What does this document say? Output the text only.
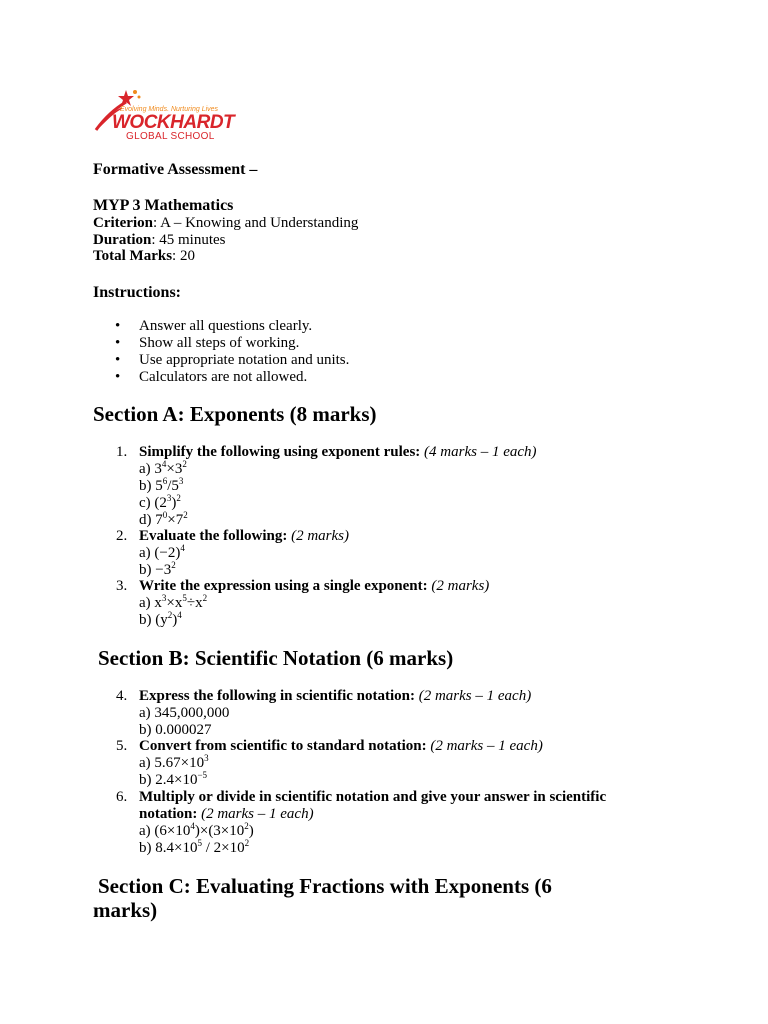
Evolving Minds. Nurturing Lives
WOCKHARDT
GLOBAL SCHOOL
Formative Assessment –
MYP 3 Mathematics
Criterion: A – Knowing and Understanding
Duration: 45 minutes
Total Marks: 20
Instructions:
• Answer all questions clearly.
• Show all steps of working.
• Use appropriate notation and units.
• Calculators are not allowed.
Section A: Exponents (8 marks)
1. Simplify the following using exponent rules: (4 marks – 1 each)
a) $3^4\times 3^2$
b) $5^6/5^3$
c) $(2^3)^2$
d) $7^0\times 7^2$
2. Evaluate the following: (2 marks)
a) $(-2)^4$
$b) -3^2$
3. Write the expression using a single exponent: (2 marks)
a) $x^3\times x^5\div x^2$
b) $(y^2)^4$
Section B: Scientific Notation (6 marks)
4. Express the following in scientific notation: (2 marks – 1 each)
a) 345,000,000
b) 0.000027
5. Convert from scientific to standard notation: (2 marks – 1 each)
a) $5.67\times 10^3$
b) $2.4\times 10^{-5}$
6. Multiply or divide in scientific notation and give your answer in scientific
notation: (2 marks – 1 each)
a) $(6\times 10^4)\times(3\times 10^2)$
b) $8.4\times 10^5 / 2\times 10^2$
Section C: Evaluating Fractions with Exponents (6
marks)
